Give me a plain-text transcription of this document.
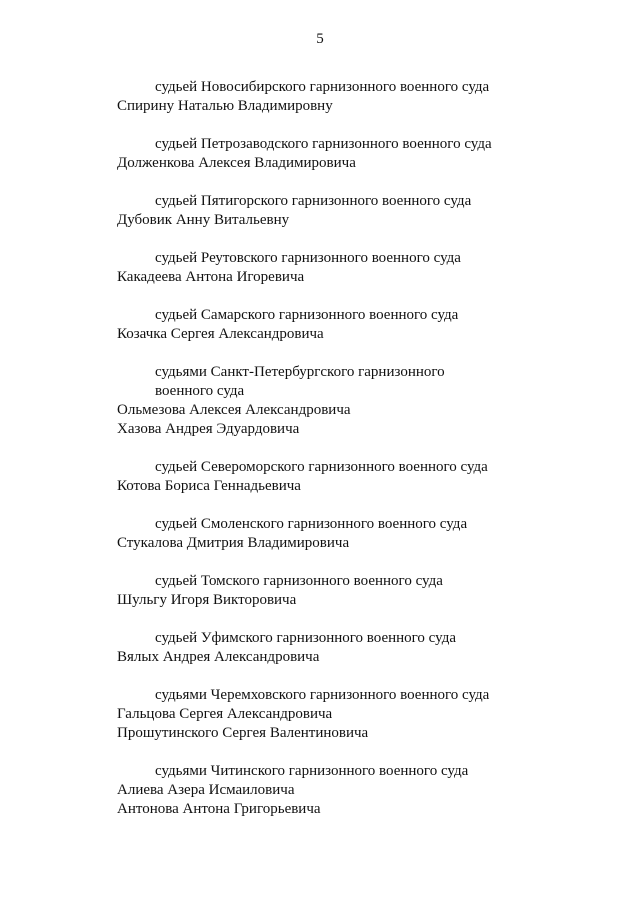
5
судьей Новосибирского гарнизонного военного суда
Спирину Наталью Владимировну
судьей Петрозаводского гарнизонного военного суда
Долженкова Алексея Владимировича
судьей Пятигорского гарнизонного военного суда
Дубовик Анну Витальевну
судьей Реутовского гарнизонного военного суда
Какадеева Антона Игоревича
судьей Самарского гарнизонного военного суда
Козачка Сергея Александровича
судьями Санкт-Петербургского гарнизонного
военного суда
Ольмезова Алексея Александровича
Хазова Андрея Эдуардовича
судьей Североморского гарнизонного военного суда
Котова Бориса Геннадьевича
судьей Смоленского гарнизонного военного суда
Стукалова Дмитрия Владимировича
судьей Томского гарнизонного военного суда
Шульгу Игоря Викторовича
судьей Уфимского гарнизонного военного суда
Вялых Андрея Александровича
судьями Черемховского гарнизонного военного суда
Гальцова Сергея Александровича
Прошутинского Сергея Валентиновича
судьями Читинского гарнизонного военного суда
Алиева Азера Исмаиловича
Антонова Антона Григорьевича
